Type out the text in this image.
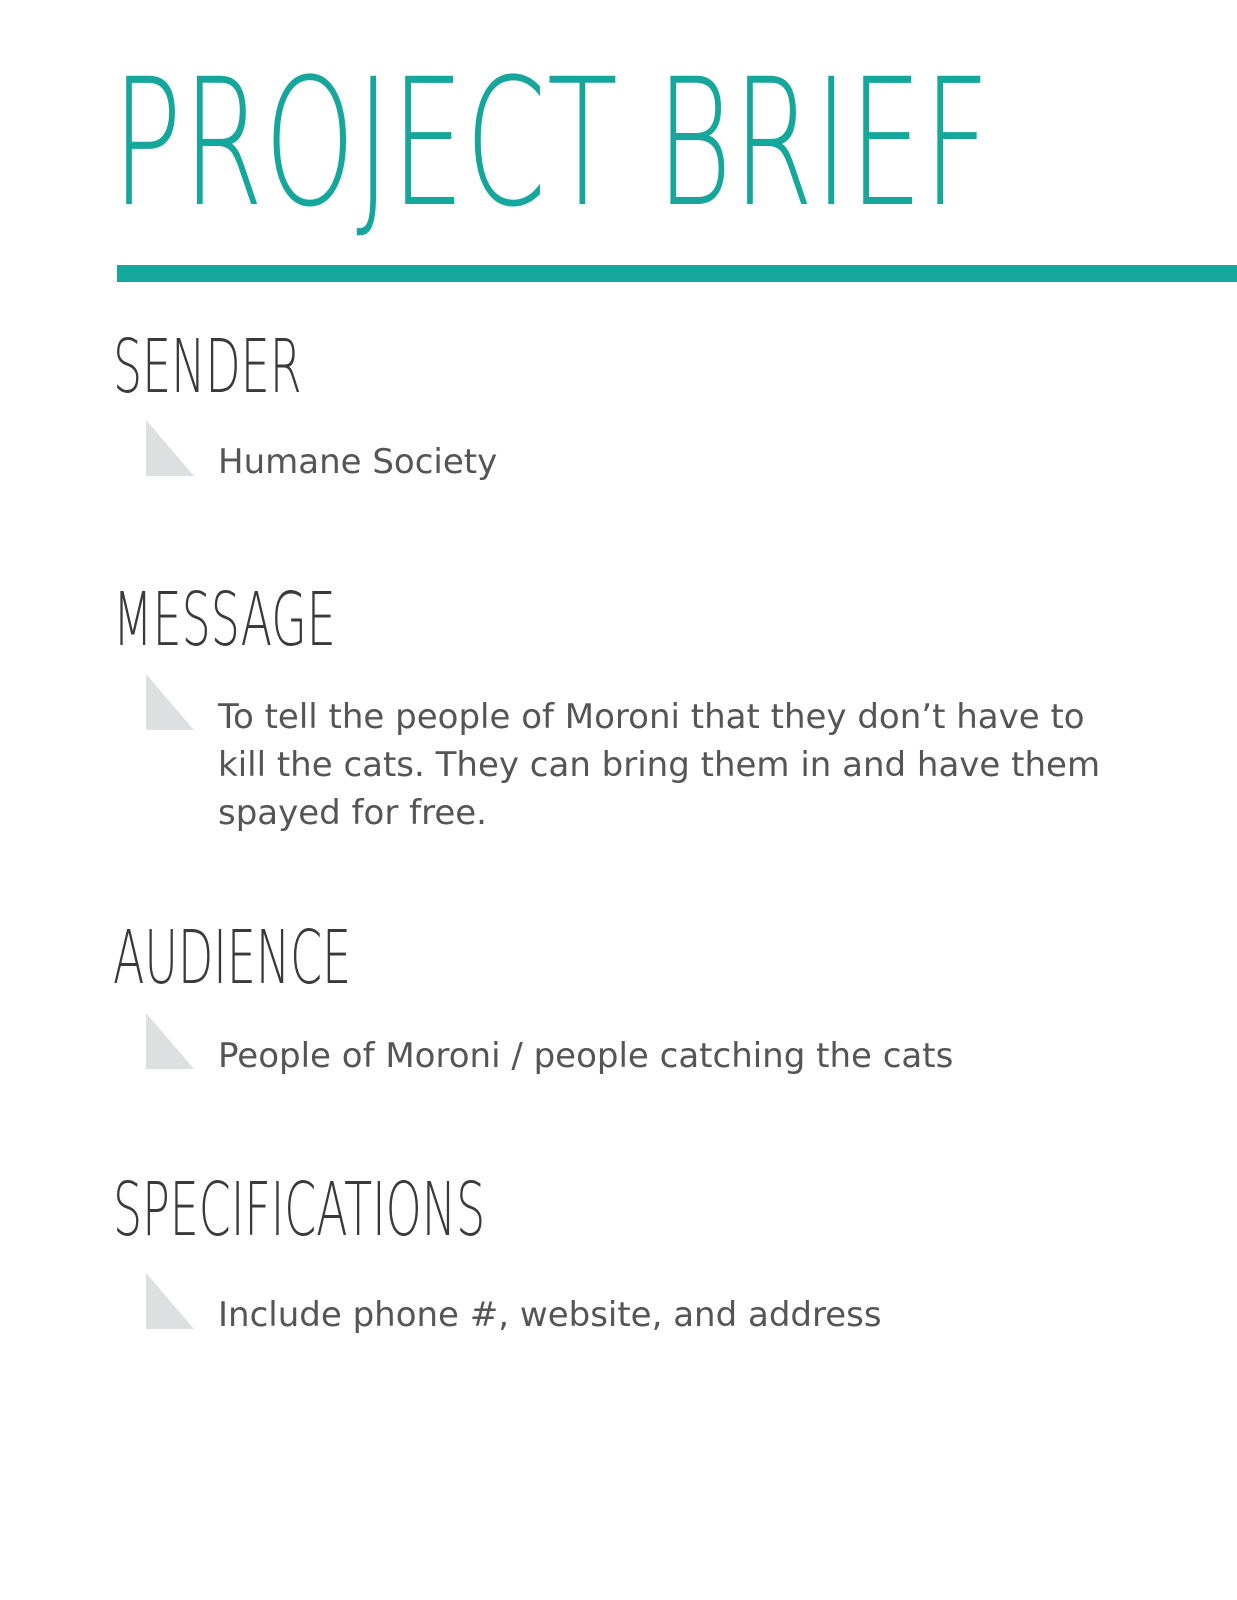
PROJECT BRIEF
SENDER

Humane Society

MESSAGE

To tell the people of Moroni that they don’t have to kill the cats. They can bring them in and have them spayed for free.

AUDIENCE

People of Moroni / people catching the cats

SPECIFICATIONS

Include phone #, website, and address
